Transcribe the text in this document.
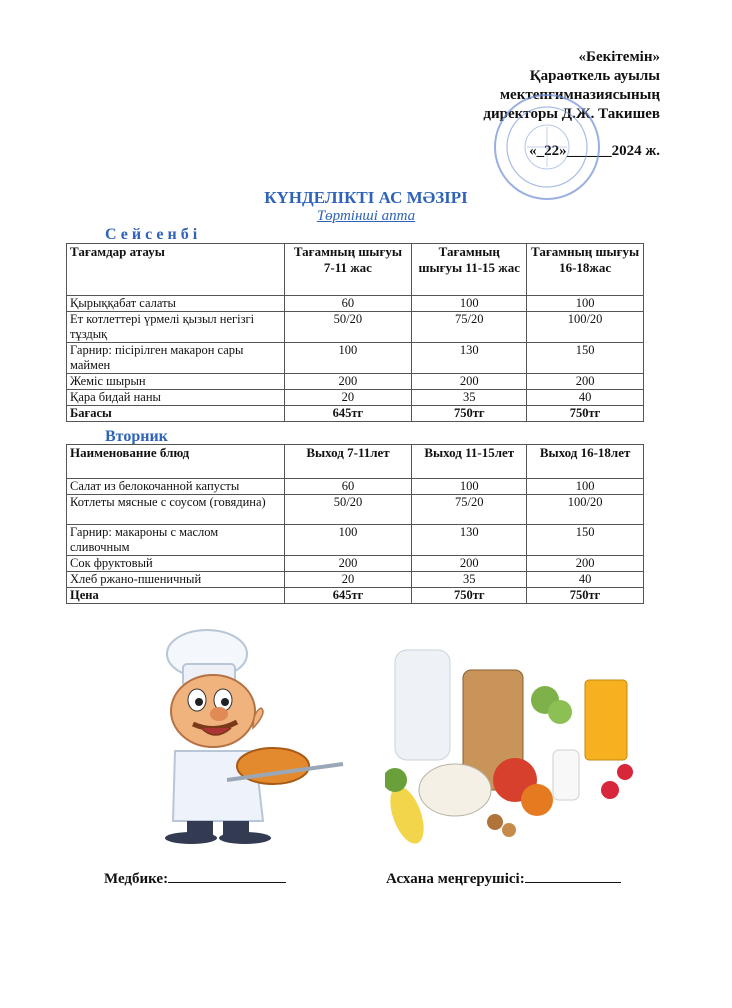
«Бекітемін»
Қараөткель ауылы
мектепгимназиясының
директоры Д.Ж. Такишев
«_22»______2024 ж.
КҮНДЕЛІКТІ АС МӘЗІРІ
Төртінші апта
Сейсенбі
Тағамдар атауы	Тағамның шығуы 7-11 жас	Тағамның шығуы 11-15 жас	Тағамның шығуы 16-18жас
Қырыққабат салаты	60	100	100
Ет котлеттері үрмелі қызыл негізгі тұздық	50/20	75/20	100/20
Гарнир: пісірілген макарон сары маймен	100	130	150
Жеміс шырын	200	200	200
Қара бидай наны	20	35	40
Бағасы	645тг	750тг	750тг
Вторник
Наименование блюд	Выход 7-11лет	Выход 11-15лет	Выход 16-18лет
Салат из белокочанной капусты	60	100	100
Котлеты мясные с соусом (говядина)	50/20	75/20	100/20
Гарнир: макароны с маслом сливочным	100	130	150
Сок фруктовый	200	200	200
Хлеб ржано-пшеничный	20	35	40
Цена	645тг	750тг	750тг
Медбике:	Асхана меңгерушісі:
